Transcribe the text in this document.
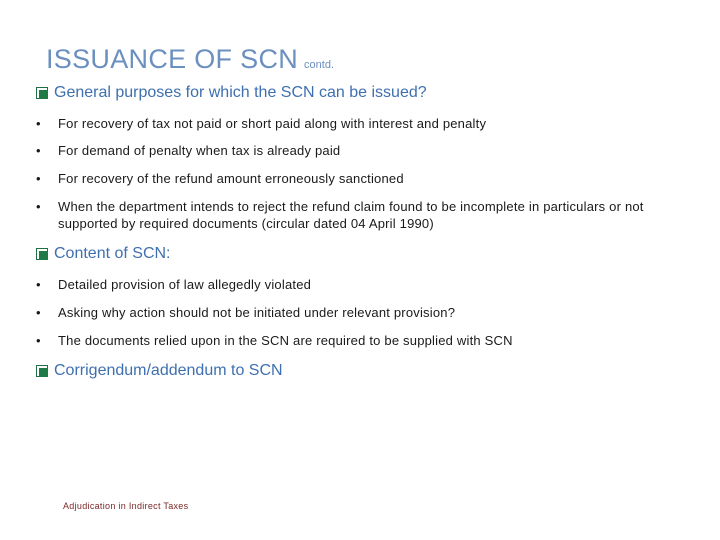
ISSUANCE OF SCN contd.
General purposes for which the SCN can be issued?
•	For recovery of tax not paid or short paid along with interest and penalty
•	For demand of penalty when tax is already paid
•	For recovery of the refund amount erroneously sanctioned
•	When the department intends to reject the refund claim found to be incomplete in particulars or not supported by required documents (circular dated 04 April 1990)
Content of SCN:
•	Detailed provision of law allegedly violated
•	Asking why action should not be initiated under relevant provision?
•	The documents relied upon in the SCN are required to be supplied with SCN
Corrigendum/addendum to SCN
Adjudication in Indirect Taxes
